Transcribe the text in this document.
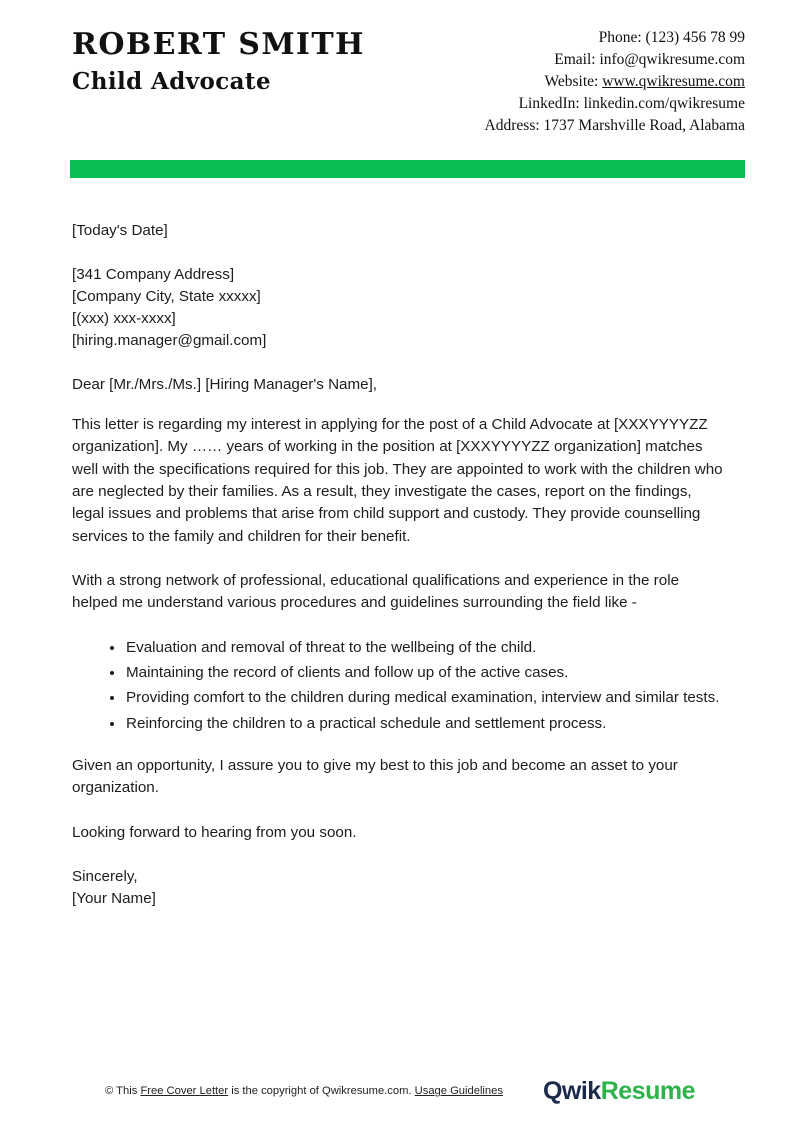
ROBERT SMITH
Child Advocate
Phone: (123) 456 78 99
Email: info@qwikresume.com
Website: www.qwikresume.com
LinkedIn: linkedin.com/qwikresume
Address: 1737 Marshville Road, Alabama
[Today's Date]
[341 Company Address]
[Company City, State xxxxx]
[(xxx) xxx-xxxx]
[hiring.manager@gmail.com]
Dear [Mr./Mrs./Ms.] [Hiring Manager's Name],

This letter is regarding my interest in applying for the post of a Child Advocate at [XXXYYYYZZ organization]. My …… years of working in the position at [XXXYYYYZZ organization] matches well with the specifications required for this job. They are appointed to work with the children who are neglected by their families. As a result, they investigate the cases, report on the findings, legal issues and problems that arise from child support and custody. They provide counselling services to the family and children for their benefit.

With a strong network of professional, educational qualifications and experience in the role helped me understand various procedures and guidelines surrounding the field like -

Evaluation and removal of threat to the wellbeing of the child.
Maintaining the record of clients and follow up of the active cases.
Providing comfort to the children during medical examination, interview and similar tests.
Reinforcing the children to a practical schedule and settlement process.

Given an opportunity, I assure you to give my best to this job and become an asset to your organization.

Looking forward to hearing from you soon.

Sincerely,
[Your Name]
© This Free Cover Letter is the copyright of Qwikresume.com. Usage Guidelines QwikResume
